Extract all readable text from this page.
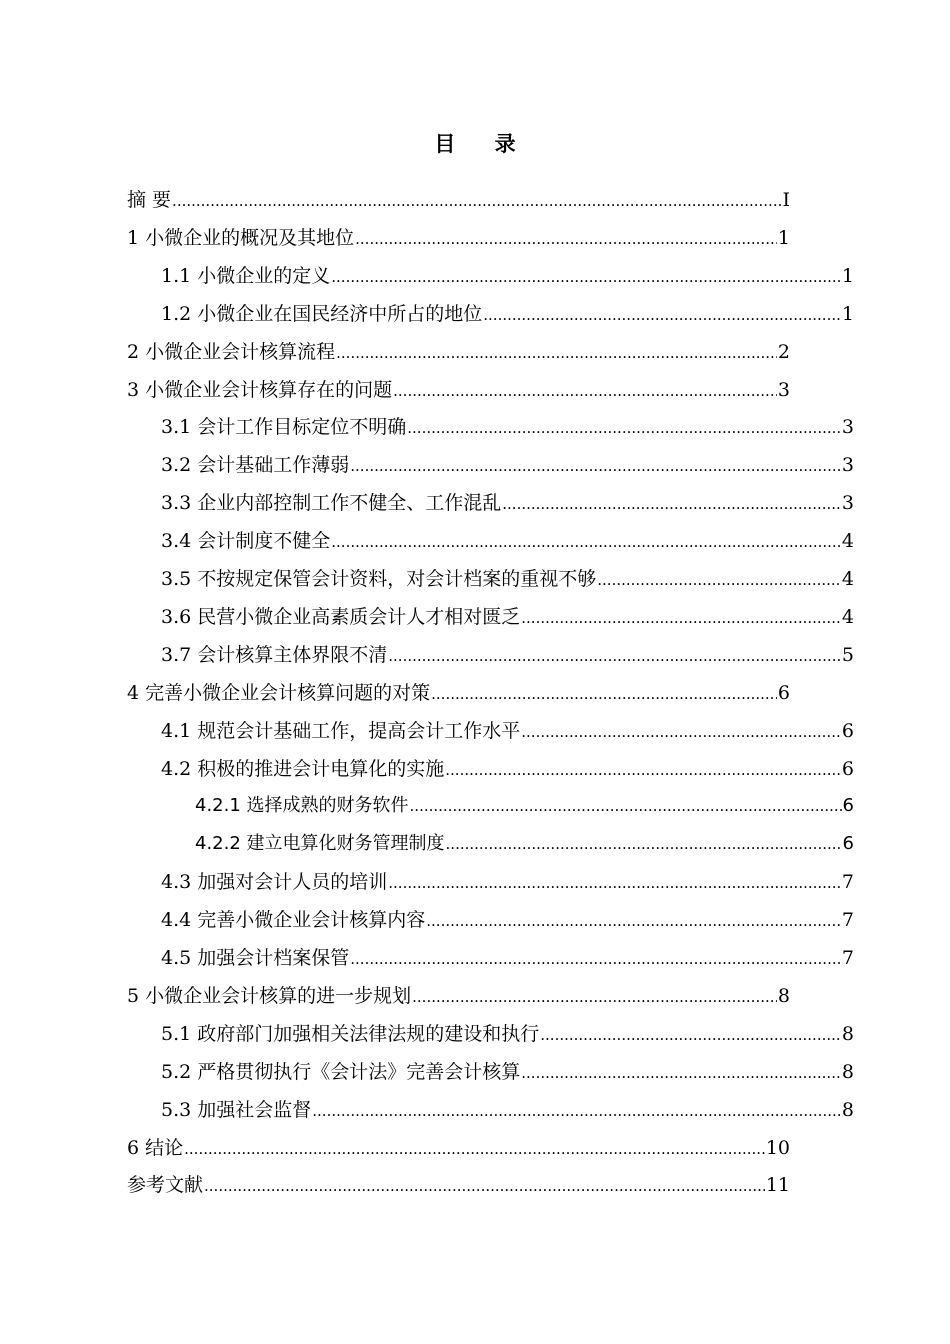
目 录
摘 要 .....	I
1 小微企业的概况及其地位 .....	1
1.1 小微企业的定义 .....	1
1.2 小微企业在国民经济中所占的地位 .....	1
2 小微企业会计核算流程 .....	2
3 小微企业会计核算存在的问题 .....	3
3.1 会计工作目标定位不明确 .....	3
3.2 会计基础工作薄弱 .....	3
3.3 企业内部控制工作不健全、工作混乱 .....	3
3.4 会计制度不健全 .....	4
3.5 不按规定保管会计资料，对会计档案的重视不够 .....	4
3.6 民营小微企业高素质会计人才相对匮乏 .....	4
3.7 会计核算主体界限不清 .....	5
4 完善小微企业会计核算问题的对策 .....	6
4.1 规范会计基础工作，提高会计工作水平 .....	6
4.2 积极的推进会计电算化的实施 .....	6
4.2.1 选择成熟的财务软件 .....	6
4.2.2 建立电算化财务管理制度 .....	6
4.3 加强对会计人员的培训 .....	7
4.4 完善小微企业会计核算内容 .....	7
4.5 加强会计档案保管 .....	7
5 小微企业会计核算的进一步规划 .....	8
5.1 政府部门加强相关法律法规的建设和执行 .....	8
5.2 严格贯彻执行《会计法》完善会计核算 .....	8
5.3 加强社会监督 .....	8
6 结论 .....	10
参考文献 .....	11
